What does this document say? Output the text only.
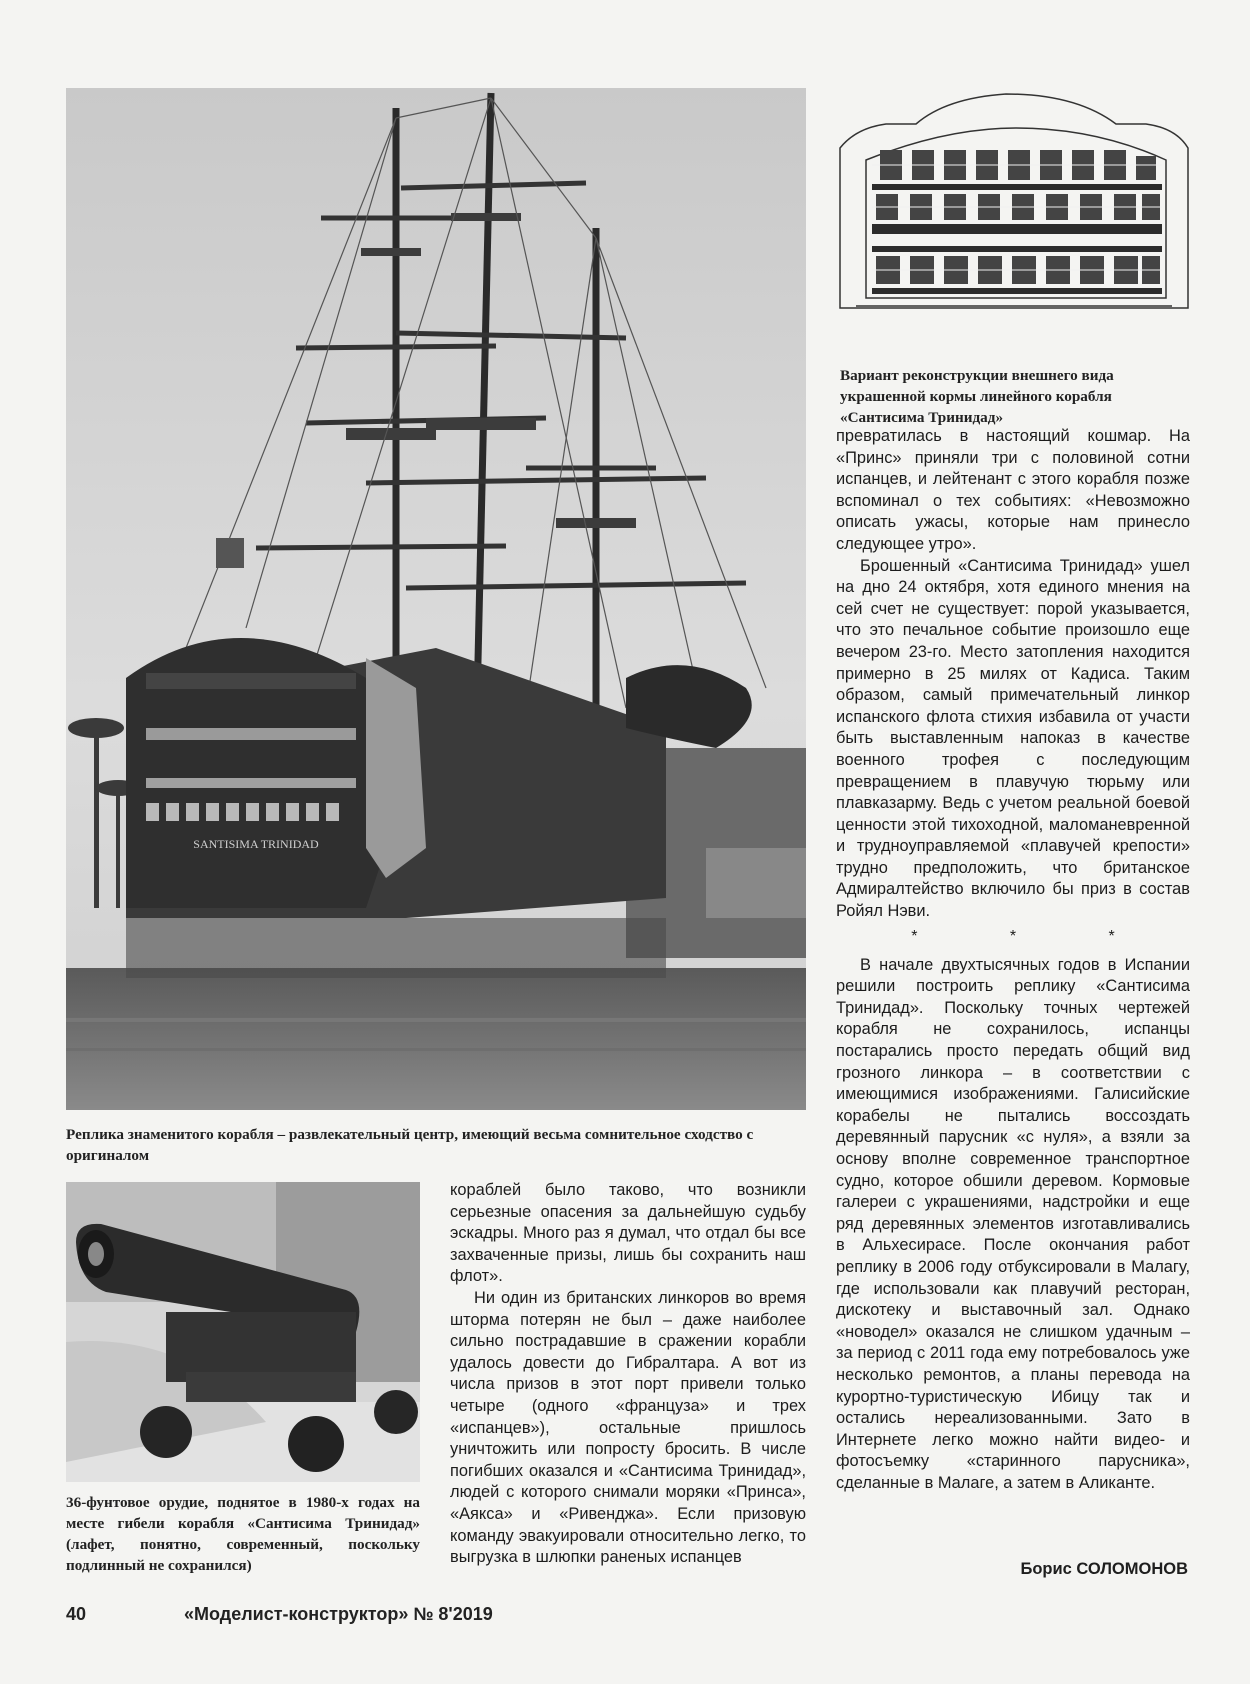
SANTISIMA TRINIDAD
Реплика знаменитого корабля – развлекательный центр, имеющий весьма сомнительное сходство с оригиналом
Вариант реконструкции внешнего вида украшенной кормы линейного корабля «Сантисима Тринидад»
36-фунтовое орудие, поднятое в 1980-х годах на месте гибели корабля «Сантисима Тринидад» (лафет, понятно, современный, поскольку подлинный не сохранился)

кораблей было таково, что возникли серьезные опасения за дальнейшую судьбу эскадры. Много раз я думал, что отдал бы все захваченные призы, лишь бы сохранить наш флот».

Ни один из британских линкоров во время шторма потерян не был – даже наиболее сильно пострадавшие в сражении корабли удалось довести до Гибралтара. А вот из числа призов в этот порт привели только четыре (одного «француза» и трех «испанцев»), остальные пришлось уничтожить или попросту бросить. В числе погибших оказался и «Сантисима Тринидад», людей с которого снимали моряки «Принса», «Аякса» и «Ривенджа». Если призовую команду эвакуировали относительно легко, то выгрузка в шлюпки раненых испанцев

превратилась в настоящий кошмар. На «Принс» приняли три с половиной сотни испанцев, и лейтенант с этого корабля позже вспоминал о тех событиях: «Невозможно описать ужасы, которые нам принесло следующее утро».

Брошенный «Сантисима Тринидад» ушел на дно 24 октября, хотя единого мнения на сей счет не существует: порой указывается, что это печальное событие произошло еще вечером 23-го. Место затопления находится примерно в 25 милях от Кадиса. Таким образом, самый примечательный линкор испанского флота стихия избавила от участи быть выставленным напоказ в качестве военного трофея с последующим превращением в плавучую тюрьму или плавказарму. Ведь с учетом реальной боевой ценности этой тихоходной, маломаневренной и трудноуправляемой «плавучей крепости» трудно предположить, что британское Адмиралтейство включило бы приз в состав Ройял Нэви.

* * *

В начале двухтысячных годов в Испании решили построить реплику «Сантисима Тринидад». Поскольку точных чертежей корабля не сохранилось, испанцы постарались просто передать общий вид грозного линкора – в соответствии с имеющимися изображениями. Галисийские корабелы не пытались воссоздать деревянный парусник «с нуля», а взяли за основу вполне современное транспортное судно, которое обшили деревом. Кормовые галереи с украшениями, надстройки и еще ряд деревянных элементов изготавливались в Альхесирасе. После окончания работ реплику в 2006 году отбуксировали в Малагу, где использовали как плавучий ресторан, дискотеку и выставочный зал. Однако «новодел» оказался не слишком удачным – за период с 2011 года ему потребовалось уже несколько ремонтов, а планы перевода на курортно-туристическую Ибицу так и остались нереализованными. Зато в Интернете легко можно найти видео- и фотосъемку «старинного парусника», сделанные в Малаге, а затем в Аликанте.

Борис СОЛОМОНОВ
40	«Моделист-конструктор» № 8'2019
